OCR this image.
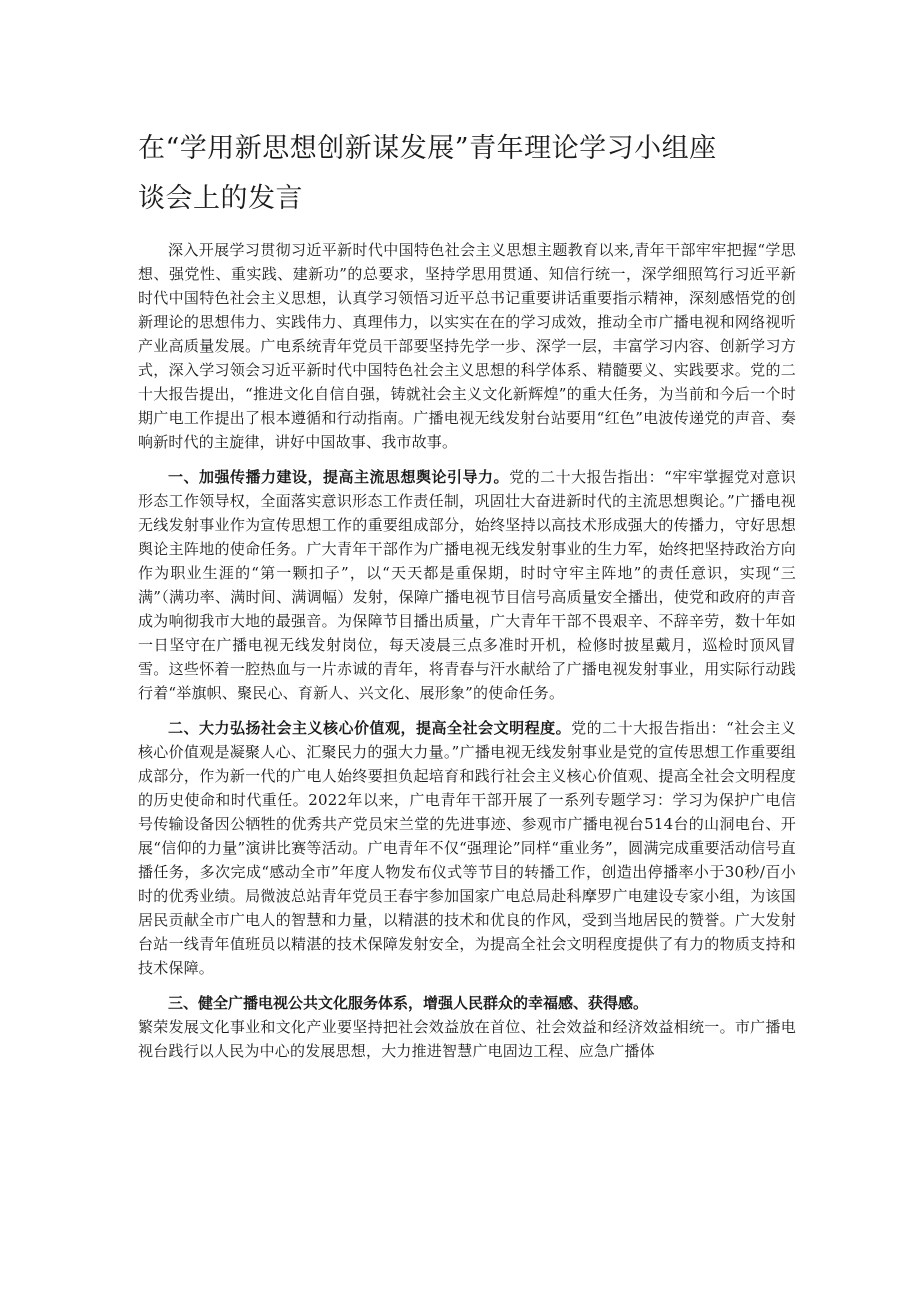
在“学用新思想创新谋发展”青年理论学习小组座
谈会上的发言

深入开展学习贯彻习近平新时代中国特色社会主义思想主题教育以来,青年干部牢牢把握“学思想、强党性、重实践、建新功”的总要求，坚持学思用贯通、知信行统一，深学细照笃行习近平新时代中国特色社会主义思想，认真学习领悟习近平总书记重要讲话重要指示精神，深刻感悟党的创新理论的思想伟力、实践伟力、真理伟力，以实实在在的学习成效，推动全市广播电视和网络视听产业高质量发展。广电系统青年党员干部要坚持先学一步、深学一层，丰富学习内容、创新学习方式，深入学习领会习近平新时代中国特色社会主义思想的科学体系、精髓要义、实践要求。党的二十大报告提出，“推进文化自信自强，铸就社会主义文化新辉煌”的重大任务，为当前和今后一个时期广电工作提出了根本遵循和行动指南。广播电视无线发射台站要用“红色”电波传递党的声音、奏响新时代的主旋律，讲好中国故事、我市故事。

一、加强传播力建设，提高主流思想舆论引导力。党的二十大报告指出：“牢牢掌握党对意识形态工作领导权，全面落实意识形态工作责任制，巩固壮大奋进新时代的主流思想舆论。”广播电视无线发射事业作为宣传思想工作的重要组成部分，始终坚持以高技术形成强大的传播力，守好思想舆论主阵地的使命任务。广大青年干部作为广播电视无线发射事业的生力军，始终把坚持政治方向作为职业生涯的“第一颗扣子”，以“天天都是重保期，时时守牢主阵地”的责任意识，实现“三满”（满功率、满时间、满调幅）发射，保障广播电视节目信号高质量安全播出，使党和政府的声音成为响彻我市大地的最强音。为保障节目播出质量，广大青年干部不畏艰辛、不辞辛劳，数十年如一日坚守在广播电视无线发射岗位，每天凌晨三点多准时开机，检修时披星戴月，巡检时顶风冒雪。这些怀着一腔热血与一片赤诚的青年，将青春与汗水献给了广播电视发射事业，用实际行动践行着“举旗帜、聚民心、育新人、兴文化、展形象”的使命任务。

二、大力弘扬社会主义核心价值观，提高全社会文明程度。党的二十大报告指出：“社会主义核心价值观是凝聚人心、汇聚民力的强大力量。”广播电视无线发射事业是党的宣传思想工作重要组成部分，作为新一代的广电人始终要担负起培育和践行社会主义核心价值观、提高全社会文明程度的历史使命和时代重任。2022年以来，广电青年干部开展了一系列专题学习：学习为保护广电信号传输设备因公牺牲的优秀共产党员宋兰堂的先进事迹、参观市广播电视台514台的山洞电台、开展“信仰的力量”演讲比赛等活动。广电青年不仅“强理论”同样“重业务”，圆满完成重要活动信号直播任务，多次完成“感动全市”年度人物发布仪式等节目的转播工作，创造出停播率小于30秒/百小时的优秀业绩。局微波总站青年党员王春宇参加国家广电总局赴科摩罗广电建设专家小组，为该国居民贡献全市广电人的智慧和力量，以精湛的技术和优良的作风，受到当地居民的赞誉。广大发射台站一线青年值班员以精湛的技术保障发射安全，为提高全社会文明程度提供了有力的物质支持和技术保障。

三、健全广播电视公共文化服务体系，增强人民群众的幸福感、获得感。

繁荣发展文化事业和文化产业要坚持把社会效益放在首位、社会效益和经济效益相统一。市广播电视台践行以人民为中心的发展思想，大力推进智慧广电固边工程、应急广播体
